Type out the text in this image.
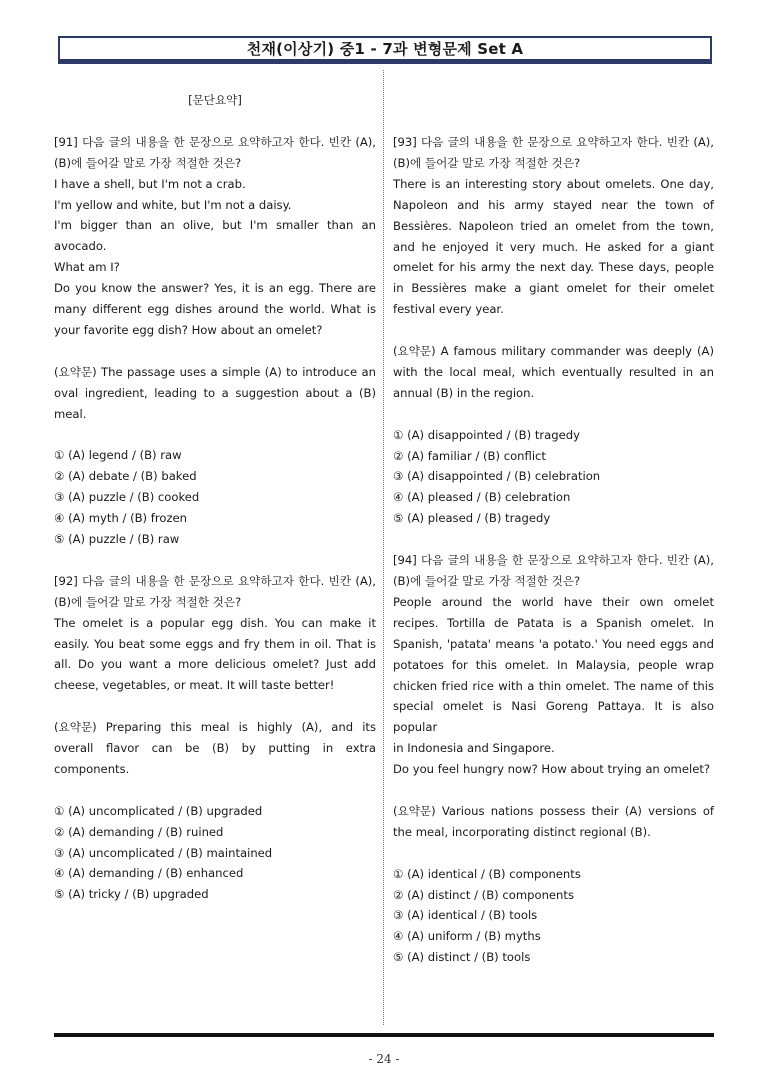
천재(이상기) 중1 - 7과 변형문제 Set A

[문단요약]

[91] 다음 글의 내용을 한 문장으로 요약하고자 한다. 빈칸 (A),

(B)에 들어갈 말로 가장 적절한 것은?

I have a shell, but I'm not a crab.

I'm yellow and white, but I'm not a daisy.

I'm bigger than an olive, but I'm smaller than an

avocado.

What am I?

Do you know the answer? Yes, it is an egg. There are

many different egg dishes around the world. What is

your favorite egg dish? How about an omelet?

(요약문) The passage uses a simple (A) to introduce an

oval ingredient, leading to a suggestion about a (B)

meal.

① (A) legend / (B) raw

② (A) debate / (B) baked

③ (A) puzzle / (B) cooked

④ (A) myth / (B) frozen

⑤ (A) puzzle / (B) raw

[92] 다음 글의 내용을 한 문장으로 요약하고자 한다. 빈칸 (A),

(B)에 들어갈 말로 가장 적절한 것은?

The omelet is a popular egg dish. You can make it

easily. You beat some eggs and fry them in oil. That is

all. Do you want a more delicious omelet? Just add

cheese, vegetables, or meat. It will taste better!

(요약문) Preparing this meal is highly (A), and its

overall flavor can be (B) by putting in extra

components.

① (A) uncomplicated / (B) upgraded

② (A) demanding / (B) ruined

③ (A) uncomplicated / (B) maintained

④ (A) demanding / (B) enhanced

⑤ (A) tricky / (B) upgraded

[93] 다음 글의 내용을 한 문장으로 요약하고자 한다. 빈칸 (A),

(B)에 들어갈 말로 가장 적절한 것은?

There is an interesting story about omelets. One day,

Napoleon and his army stayed near the town of

Bessières. Napoleon tried an omelet from the town,

and he enjoyed it very much. He asked for a giant

omelet for his army the next day. These days, people

in Bessières make a giant omelet for their omelet

festival every year.

(요약문) A famous military commander was deeply (A)

with the local meal, which eventually resulted in an

annual (B) in the region.

① (A) disappointed / (B) tragedy

② (A) familiar / (B) conflict

③ (A) disappointed / (B) celebration

④ (A) pleased / (B) celebration

⑤ (A) pleased / (B) tragedy

[94] 다음 글의 내용을 한 문장으로 요약하고자 한다. 빈칸 (A),

(B)에 들어갈 말로 가장 적절한 것은?

People around the world have their own omelet

recipes. Tortilla de Patata is a Spanish omelet. In

Spanish, 'patata' means 'a potato.' You need eggs and

potatoes for this omelet. In Malaysia, people wrap

chicken fried rice with a thin omelet. The name of this

special omelet is Nasi Goreng Pattaya. It is also popular

in Indonesia and Singapore.

Do you feel hungry now? How about trying an omelet?

(요약문) Various nations possess their (A) versions of

the meal, incorporating distinct regional (B).

① (A) identical / (B) components

② (A) distinct / (B) components

③ (A) identical / (B) tools

④ (A) uniform / (B) myths

⑤ (A) distinct / (B) tools

- 24 -
